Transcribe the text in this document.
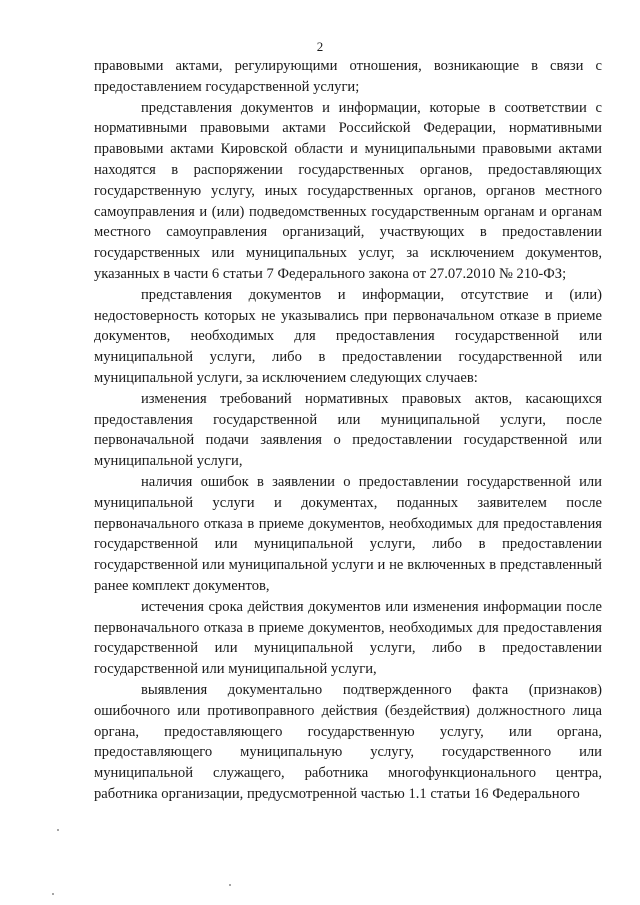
2

правовыми актами, регулирующими отношения, возникающие в связи с предоставлением государственной услуги;

представления документов и информации, которые в соответствии с нормативными правовыми актами Российской Федерации, нормативными правовыми актами Кировской области и муниципальными правовыми актами находятся в распоряжении государственных органов, предоставляющих государственную услугу, иных государственных органов, органов местного самоуправления и (или) подведомственных государственным органам и органам местного самоуправления организаций, участвующих в предоставлении государственных или муниципальных услуг, за исключением документов, указанных в части 6 статьи 7 Федерального закона от 27.07.2010 № 210-ФЗ;

представления документов и информации, отсутствие и (или) недостоверность которых не указывались при первоначальном отказе в приеме документов, необходимых для предоставления государственной или муниципальной услуги, либо в предоставлении государственной или муниципальной услуги, за исключением следующих случаев:

изменения требований нормативных правовых актов, касающихся предоставления государственной или муниципальной услуги, после первоначальной подачи заявления о предоставлении государственной или муниципальной услуги,

наличия ошибок в заявлении о предоставлении государственной или муниципальной услуги и документах, поданных заявителем после первоначального отказа в приеме документов, необходимых для предоставления государственной или муниципальной услуги, либо в предоставлении государственной или муниципальной услуги и не включенных в представленный ранее комплект документов,

истечения срока действия документов или изменения информации после первоначального отказа в приеме документов, необходимых для предоставления государственной или муниципальной услуги, либо в предоставлении государственной или муниципальной услуги,

выявления документально подтвержденного факта (признаков) ошибочного или противоправного действия (бездействия) должностного лица органа, предоставляющего государственную услугу, или органа, предоставляющего муниципальную услугу, государственного или муниципальной служащего, работника многофункционального центра, работника организации, предусмотренной частью 1.1 статьи 16 Федерального
